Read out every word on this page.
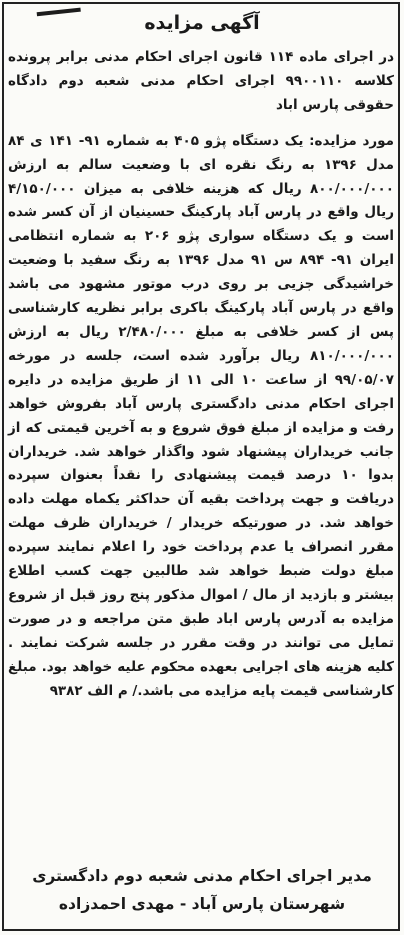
آگهی مزایده

در اجرای ماده ۱۱۴ قانون اجرای احکام مدنی برابر پرونده کلاسه ۹۹۰۰۱۱۰ اجرای احکام مدنی شعبه دوم دادگاه حقوقی پارس اباد

مورد مزایده: یک دستگاه پژو ۴۰۵ به شماره ۹۱- ۱۴۱ ی ۸۴ مدل ۱۳۹۶ به رنگ نقره ای با وضعیت سالم به ارزش ۸۰۰/۰۰۰/۰۰۰ ریال که هزینه خلافی به میزان ۴/۱۵۰/۰۰۰ ریال واقع در پارس آباد پارکینگ حسینیان از آن کسر شده است و یک دستگاه سواری پژو ۲۰۶ به شماره انتظامی ایران ۹۱- ۸۹۴ س ۹۱ مدل ۱۳۹۶ به رنگ سفید با وضعیت خراشیدگی جزیی بر روی درب موتور مشهود می باشد واقع در پارس آباد پارکینگ باکری برابر نظریه کارشناسی پس از کسر خلافی به مبلغ ۲/۴۸۰/۰۰۰ ریال به ارزش ۸۱۰/۰۰۰/۰۰۰ ریال برآورد شده است، جلسه در مورخه ۹۹/۰۵/۰۷ از ساعت ۱۰ الی ۱۱ از طریق مزایده در دایره اجرای احکام مدنی دادگستری پارس آباد بفروش خواهد رفت و مزایده از مبلغ فوق شروع و به آخرین قیمتی که از جانب خریداران پیشنهاد شود واگذار خواهد شد. خریداران بدوا ۱۰ درصد قیمت پیشنهادی را نقداً بعنوان سپرده دریافت و جهت پرداخت بقیه آن حداکثر یکماه مهلت داده خواهد شد. در صورتیکه خریدار / خریداران ظرف مهلت مقرر انصراف یا عدم پرداخت خود را اعلام نمایند سپرده مبلغ دولت ضبط خواهد شد طالبین جهت کسب اطلاع بیشتر و بازدید از مال / اموال مذکور پنج روز قبل از شروع مزایده به آدرس پارس اباد طبق متن مراجعه و در صورت تمایل می توانند در وقت مقرر در جلسه شرکت نمایند . کلیه هزینه های اجرایی بعهده محکوم علیه خواهد بود. مبلغ کارشناسی قیمت پایه مزایده می باشد./ م الف ۹۳۸۲

مدیر اجرای احکام مدنی شعبه دوم دادگستری
شهرستان پارس آباد - مهدی احمدزاده
